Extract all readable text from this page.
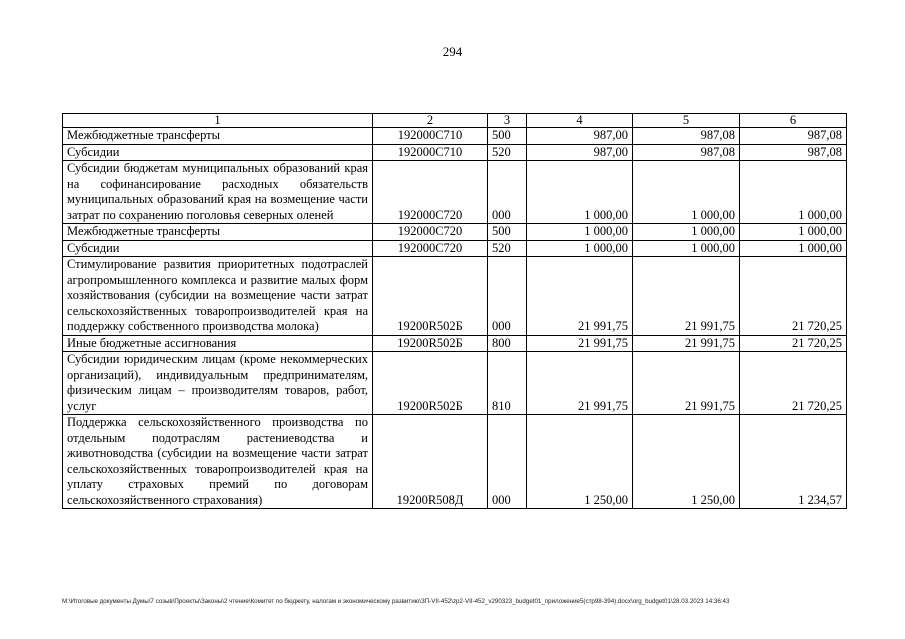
294
1	2	3	4	5	6
Межбюджетные трансферты	192000С710	500	987,00	987,08	987,08
Субсидии	192000С710	520	987,00	987,08	987,08
Субсидии бюджетам муниципальных образований края на софинансирование расходных обязательств муниципальных образований края на возмещение части затрат по сохранению поголовья северных оленей	192000С720	000	1 000,00	1 000,00	1 000,00
Межбюджетные трансферты	192000С720	500	1 000,00	1 000,00	1 000,00
Субсидии	192000С720	520	1 000,00	1 000,00	1 000,00
Стимулирование развития приоритетных подотраслей агропромышленного комплекса и развитие малых форм хозяйствования (субсидии на возмещение части затрат сельскохозяйственных товаропроизводителей края на поддержку собственного производства молока)	19200R502Б	000	21 991,75	21 991,75	21 720,25
Иные бюджетные ассигнования	19200R502Б	800	21 991,75	21 991,75	21 720,25
Субсидии юридическим лицам (кроме некоммерческих организаций), индивидуальным предпринимателям, физическим лицам – производителям товаров, работ, услуг	19200R502Б	810	21 991,75	21 991,75	21 720,25
Поддержка сельскохозяйственного производства по отдельным подотраслям растениеводства и животноводства (субсидии на возмещение части затрат сельскохозяйственных товаропроизводителей края на уплату страховых премий по договорам сельскохозяйственного страхования)	19200R508Д	000	1 250,00	1 250,00	1 234,57
M:\Итоговые документы Думы\7 созыв\Проекты\Законы\2 чтение\Комитет по бюджету, налогам и экономическому развитию\ЗП-VII-452\zp2-VII-452_v290323_budget01_приложение5(стр98-394).docx\org_budget01\28.03.2023 14:36:43
